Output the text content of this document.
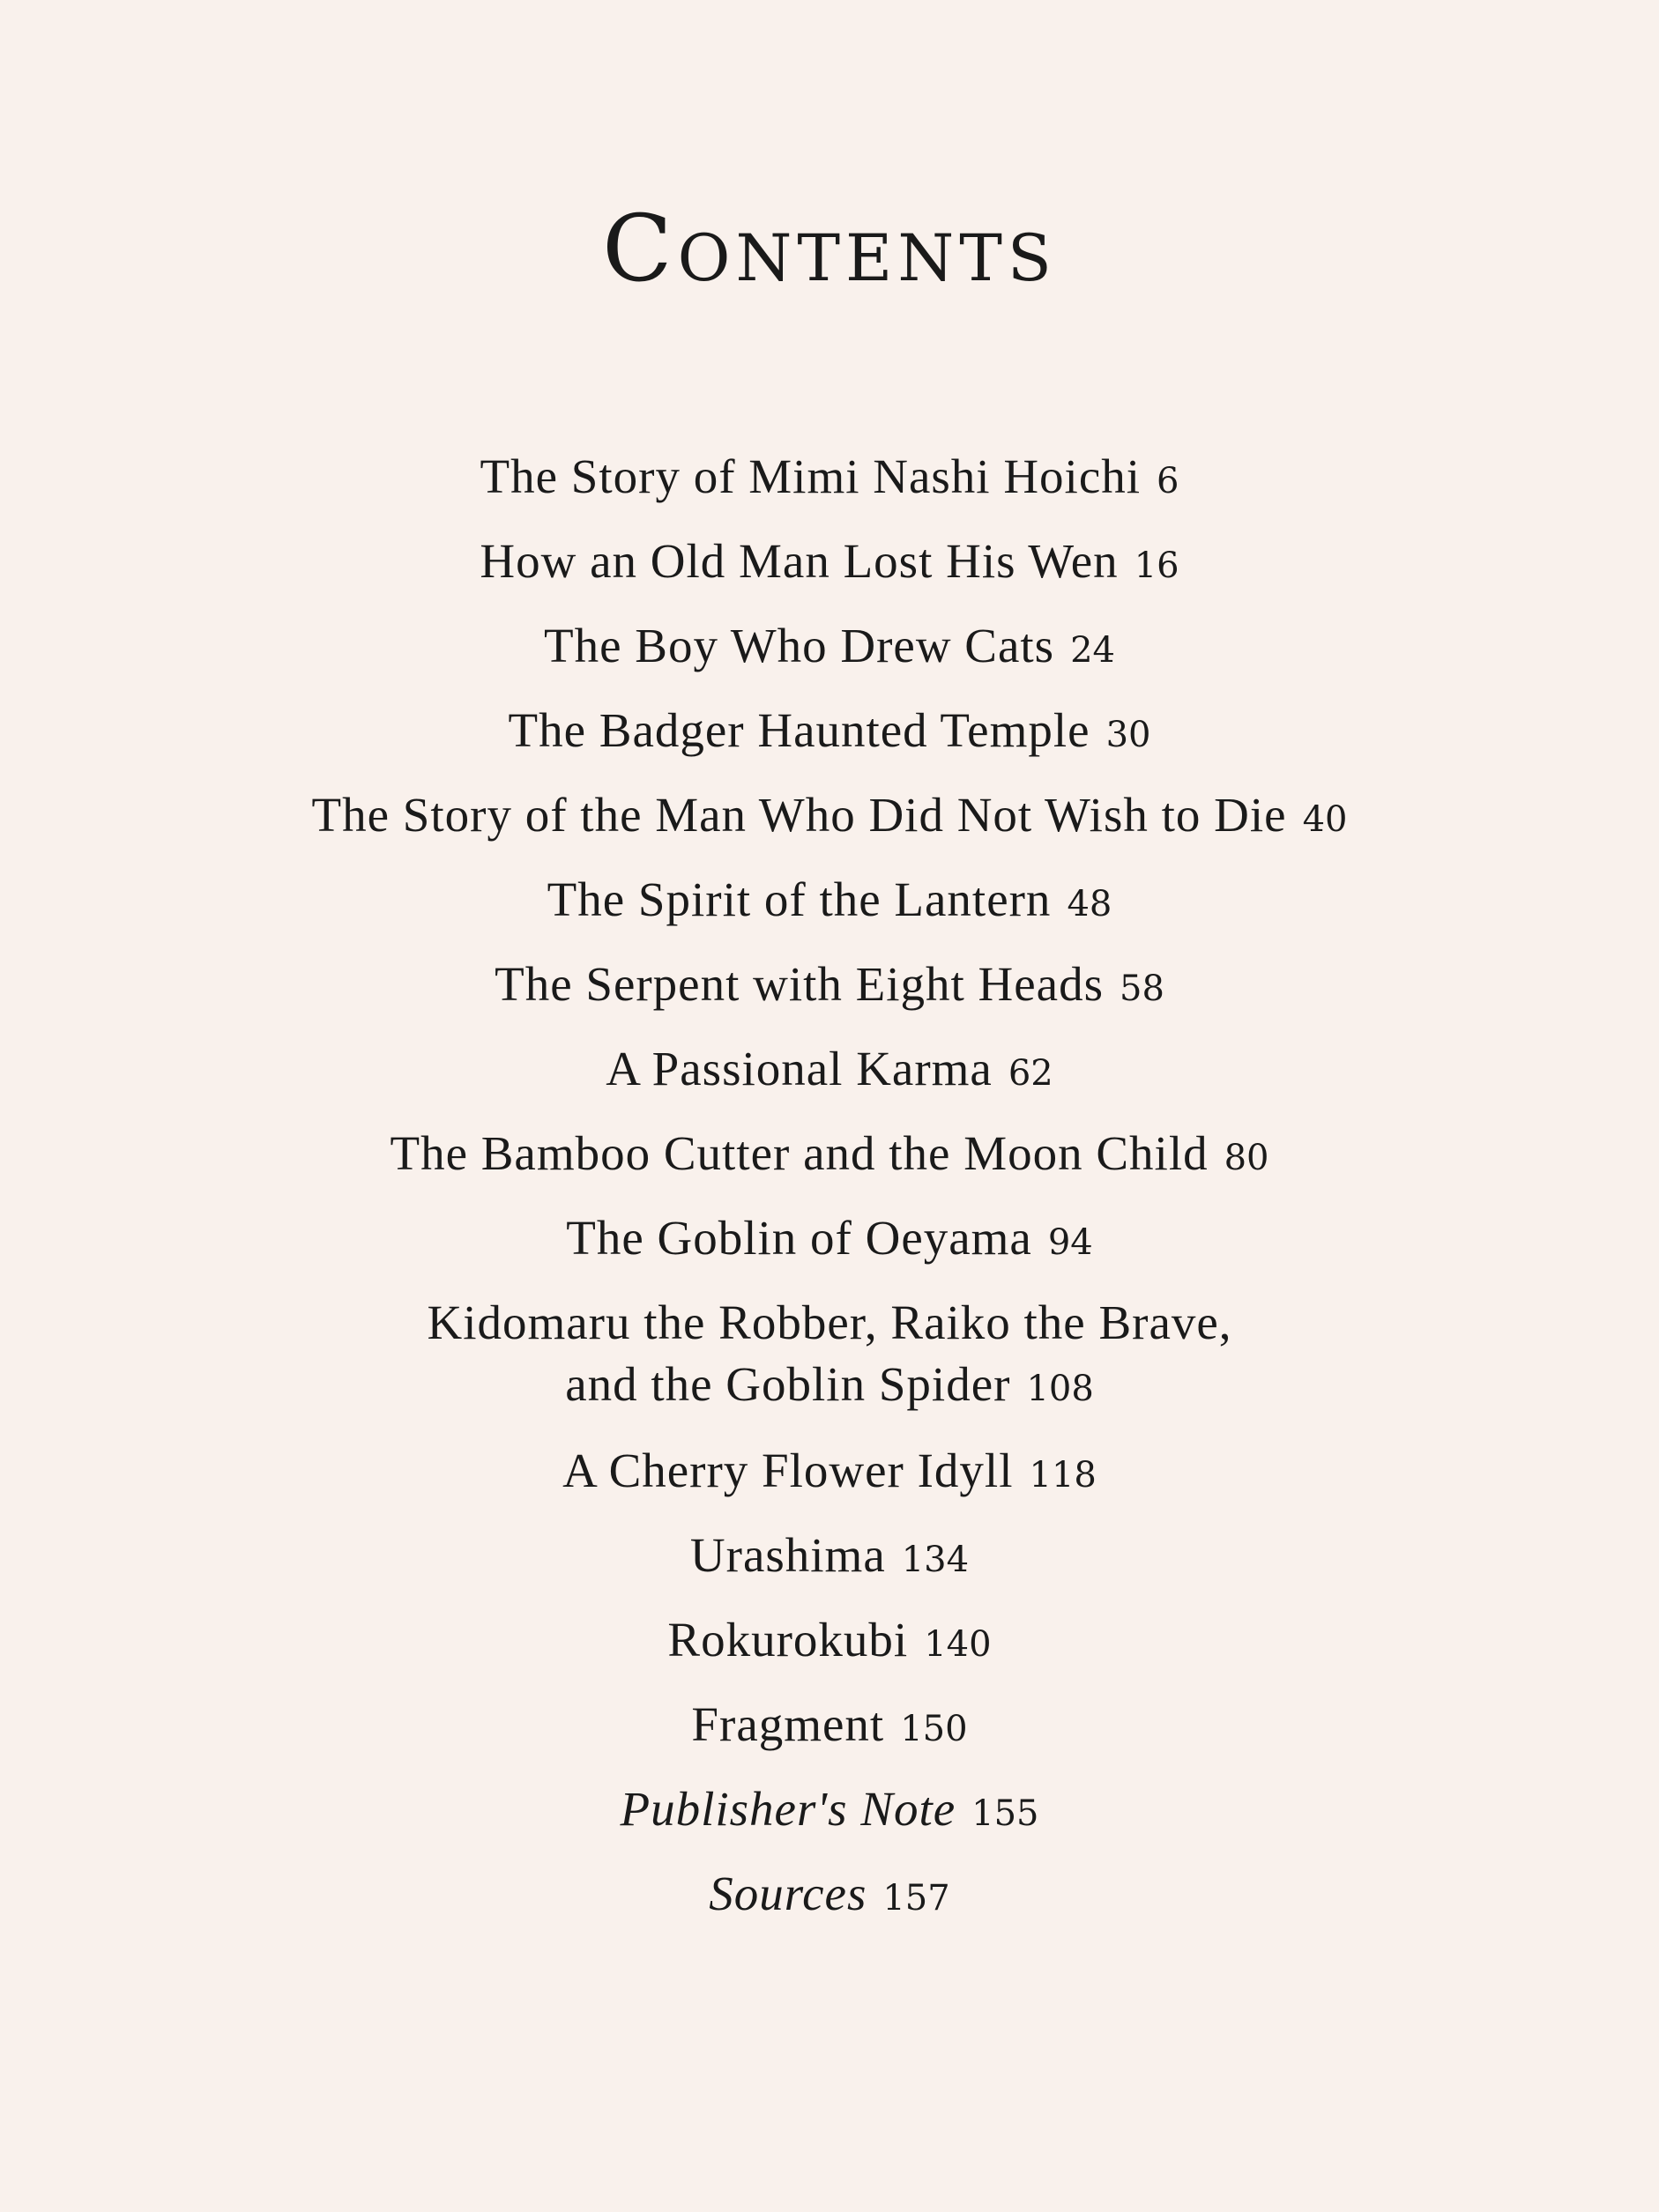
Contents
The Story of Mimi Nashi Hoichi 6
How an Old Man Lost His Wen 16
The Boy Who Drew Cats 24
The Badger Haunted Temple 30
The Story of the Man Who Did Not Wish to Die 40
The Spirit of the Lantern 48
The Serpent with Eight Heads 58
A Passional Karma 62
The Bamboo Cutter and the Moon Child 80
The Goblin of Oeyama 94
Kidomaru the Robber, Raiko the Brave,
and the Goblin Spider 108
A Cherry Flower Idyll 118
Urashima 134
Rokurokubi 140
Fragment 150
Publisher's Note 155
Sources 157
